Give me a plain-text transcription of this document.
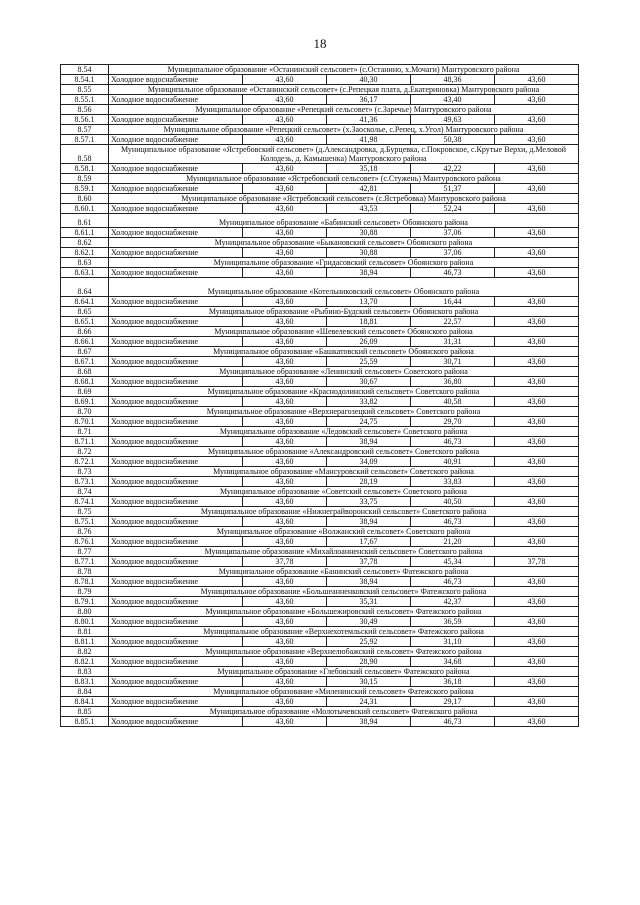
18
8.54	Муниципальное образование «Останинский сельсовет» (с.Останино, х.Мочаги) Мантуровского района				
8.54.1	Холодное водоснабжение	43,60	40,30	48,36	43,60
8.55	Муниципальное образование «Останинский сельсовет» (с.Репецкая плата, д.Екатериновка) Мантуровского района				
8.55.1	Холодное водоснабжение	43,60	36,17	43,40	43,60
8.56	Муниципальное образование «Репецкий сельсовет» (с.Заречье) Мантуровского района				
8.56.1	Холодное водоснабжение	43,60	41,36	49,63	43,60
8.57	Муниципальное образование «Репецкий сельсовет» (х.Заосколье, с.Репец, х.Угол) Мантуровского района				
8.57.1	Холодное водоснабжение	43,60	41,98	50,38	43,60
8.58	Муниципальное образование «Ястребовский сельсовет» (д.Александровка, д.Бурцевка, с.Покровское, с.Крутые Верхи, д.Меловой Колодезь, д. Камышенка) Мантуровского района				
8.58.1	Холодное водоснабжение	43,60	35,18	42,22	43,60
8.59	Муниципальное образование «Ястребовский сельсовет» (с.Стужень) Мантуровского района				
8.59.1	Холодное водоснабжение	43,60	42,81	51,37	43,60
8.60	Муниципальное образование «Ястребовский сельсовет» (с.Ястребовка) Мантуровского района				
8.60.1	Холодное водоснабжение	43,60	43,53	52,24	43,60
8.61	Муниципальное образование «Бабинский сельсовет» Обоянского района				
8.61.1	Холодное водоснабжение	43,60	30,88	37,06	43,60
8.62	Муниципальное образование «Быкановский сельсовет» Обоянского района				
8.62.1	Холодное водоснабжение	43,60	30,88	37,06	43,60
8.63	Муниципальное образование «Гридасовский сельсовет» Обоянского района				
8.63.1	Холодное водоснабжение	43,60	38,94	46,73	43,60
8.64	Муниципальное образование «Котельниковский сельсовет» Обоянского района				
8.64.1	Холодное водоснабжение	43,60	13,70	16,44	43,60
8.65	Муниципальное образование «Рыбино-Будский сельсовет» Обоянского района				
8.65.1	Холодное водоснабжение	43,60	18,81	22,57	43,60
8.66	Муниципальное образование «Шевелевский сельсовет» Обоянского района				
8.66.1	Холодное водоснабжение	43,60	26,09	31,31	43,60
8.67	Муниципальное образование «Башкатовский сельсовет» Обоянского района				
8.67.1	Холодное водоснабжение	43,60	25,59	30,71	43,60
8.68	Муниципальное образование «Ленинский сельсовет» Советского района				
8.68.1	Холодное водоснабжение	43,60	30,67	36,80	43,60
8.69	Муниципальное образование «Краснодолинский сельсовет» Советского района				
8.69.1	Холодное водоснабжение	43,60	33,82	40,58	43,60
8.70	Муниципальное образование «Верхнерагозецкий сельсовет» Советского района				
8.70.1	Холодное водоснабжение	43,60	24,75	29,70	43,60
8.71	Муниципальное образование «Ледовский сельсовет» Советского района				
8.71.1	Холодное водоснабжение	43,60	38,94	46,73	43,60
8.72	Муниципальное образование «Александровский сельсовет» Советского района				
8.72.1	Холодное водоснабжение	43,60	34,09	40,91	43,60
8.73	Муниципальное образование «Мансуровский сельсовет» Советского района				
8.73.1	Холодное водоснабжение	43,60	28,19	33,83	43,60
8.74	Муниципальное образование «Советский сельсовет» Советского района				
8.74.1	Холодное водоснабжение	43,60	33,75	40,50	43,60
8.75	Муниципальное образование «Нижнеграйворонский сельсовет» Советского района				
8.75.1	Холодное водоснабжение	43,60	38,94	46,73	43,60
8.76	Муниципальное образование «Волжанский сельсовет» Советского района				
8.76.1	Холодное водоснабжение	43,60	17,67	21,20	43,60
8.77	Муниципальное образование «Михайлоанненский сельсовет» Советского района				
8.77.1	Холодное водоснабжение	37,78	37,78	45,34	37,78
8.78	Муниципальное образование «Банинский сельсовет» Фатежского района				
8.78.1	Холодное водоснабжение	43,60	38,94	46,73	43,60
8.79	Муниципальное образование «Большеанненковский сельсовет» Фатежского района				
8.79.1	Холодное водоснабжение	43,60	35,31	42,37	43,60
8.80	Муниципальное образование «Большежировский сельсовет» Фатежского района				
8.80.1	Холодное водоснабжение	43,60	30,49	36,59	43,60
8.81	Муниципальное образование «Верхнехотемльский сельсовет» Фатежского района				
8.81.1	Холодное водоснабжение	43,60	25,92	31,10	43,60
8.82	Муниципальное образование «Верхнелюбажский сельсовет» Фатежского района				
8.82.1	Холодное водоснабжение	43,60	28,90	34,68	43,60
8.83	Муниципальное образование «Глебовский сельсовет» Фатежского района				
8.83.1	Холодное водоснабжение	43,60	30,15	36,18	43,60
8.84	Муниципальное образование «Миленинский сельсовет» Фатежского района				
8.84.1	Холодное водоснабжение	43,60	24,31	29,17	43,60
8.85	Муниципальное образование «Молотычевский сельсовет» Фатежского района				
8.85.1	Холодное водоснабжение	43,60	38,94	46,73	43,60
